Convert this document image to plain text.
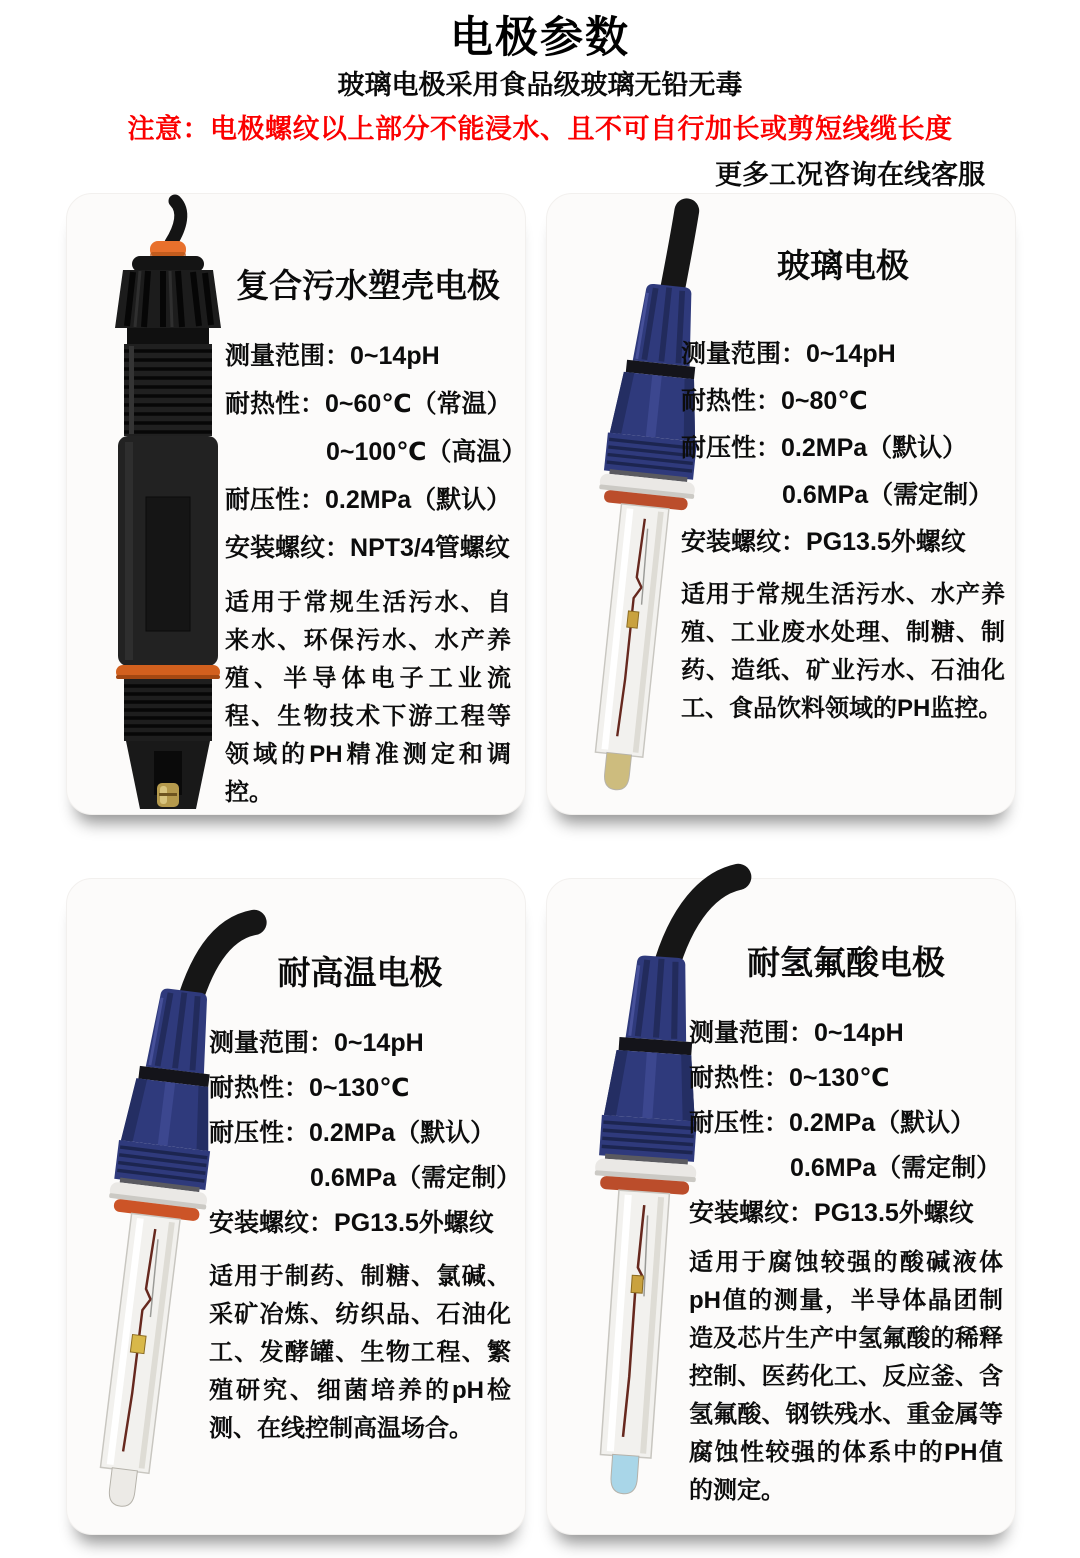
电极参数
玻璃电极采用食品级玻璃无铅无毒
注意：电极螺纹以上部分不能浸水、且不可自行加长或剪短线缆长度
更多工况咨询在线客服
复合污水塑壳电极
测量范围：0~14pH
耐热性：0~60℃（常温）
0~100℃（高温）
耐压性：0.2MPa（默认）
安装螺纹：NPT3/4管螺纹

适用于常规生活污水、自来水、环保污水、水产养殖、半导体电子工业流程、生物技术下游工程等领域的PH精准测定和调控。

玻璃电极
测量范围：0~14pH
耐热性：0~80℃
耐压性：0.2MPa（默认）
0.6MPa（需定制）
安装螺纹：PG13.5外螺纹

适用于常规生活污水、水产养殖、工业废水处理、制糖、制药、造纸、矿业污水、石油化工、食品饮料领域的PH监控。

耐高温电极
测量范围：0~14pH
耐热性：0~130℃
耐压性：0.2MPa（默认）
0.6MPa（需定制）
安装螺纹：PG13.5外螺纹

适用于制药、制糖、氯碱、采矿冶炼、纺织品、石油化工、发酵罐、生物工程、繁殖研究、细菌培养的pH检测、在线控制高温场合。

耐氢氟酸电极
测量范围：0~14pH
耐热性：0~130℃
耐压性：0.2MPa（默认）
0.6MPa（需定制）
安装螺纹：PG13.5外螺纹

适用于腐蚀较强的酸碱液体pH值的测量，半导体晶团制造及芯片生产中氢氟酸的稀释控制、医药化工、反应釜、含氢氟酸、钢铁残水、重金属等腐蚀性较强的体系中的PH值的测定。
